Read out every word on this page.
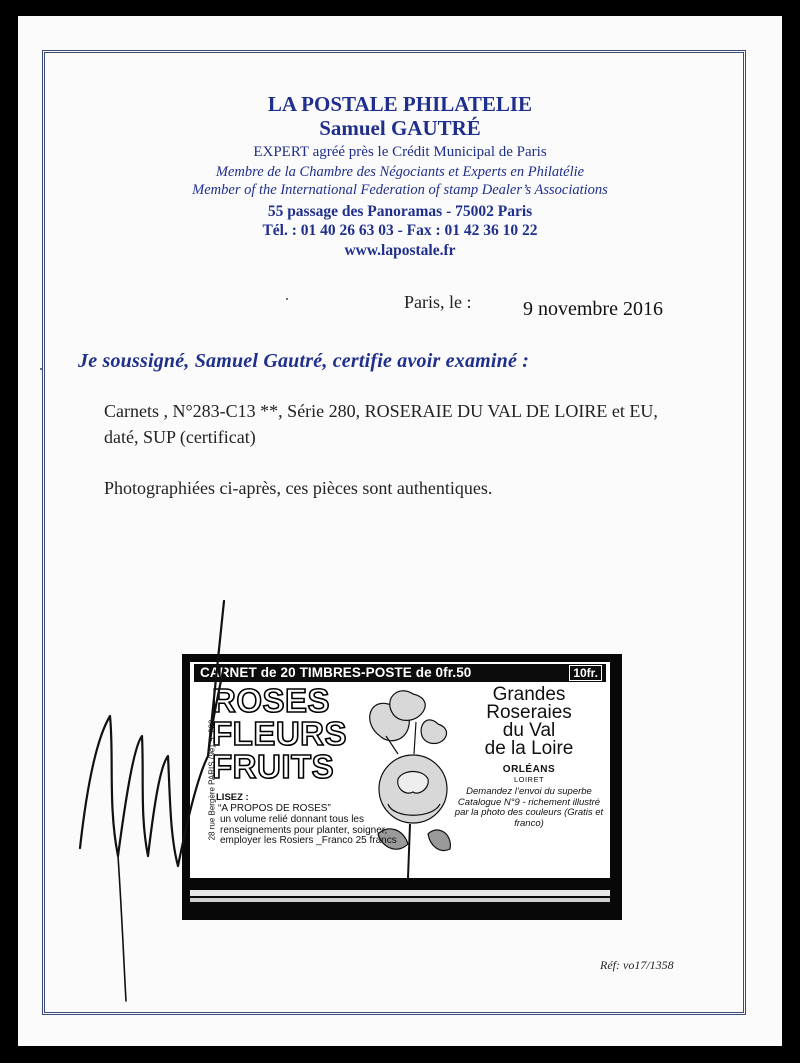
LA POSTALE PHILATELIE
Samuel GAUTRÉ
EXPERT agréé près le Crédit Municipal de Paris
Membre de la Chambre des Négociants et Experts en Philatélie
Member of the International Federation of stamp Dealer’s Associations
55 passage des Panoramas - 75002 Paris
Tél. : 01 40 26 63 03 - Fax : 01 42 36 10 22
www.lapostale.fr
Paris, le :	9 novembre 2016
Je soussigné, Samuel Gautré, certifie avoir examiné :
Carnets , N°283-C13 **, Série 280, ROSERAIE DU VAL DE LOIRE et EU, daté, SUP (certificat)
Photographiées ci-après, ces pièces sont authentiques.
CARNET de 20 TIMBRES-POSTE de 0fr.50	10fr.
28 rue Bergère PARIS (9e) S. 280
ROSES
FLEURS
FRUITS
LISEZ :
“A PROPOS DE ROSES”
un volume relié donnant tous les renseignements pour planter, soigner, employer les Rosiers _Franco 25 francs
Grandes
Roseraies
du Val
de la Loire
ORLÉANS
LOIRET
Demandez l’envoi du superbe Catalogue N°9 - richement illustré par la photo des couleurs (Gratis et franco)
Réf: vo17/1358
